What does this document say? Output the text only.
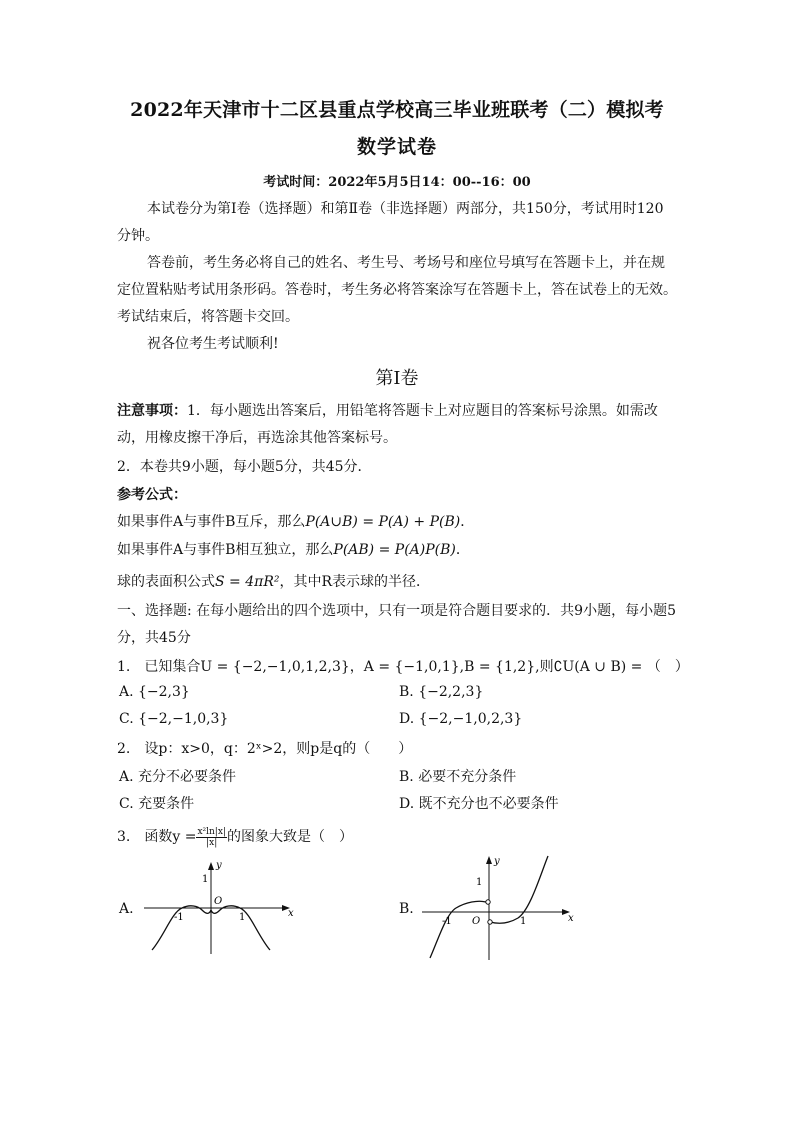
2022年天津市十二区县重点学校高三毕业班联考（二）模拟考
数学试卷
考试时间：2022年5月5日14：00--16：00
本试卷分为第Ⅰ卷（选择题）和第Ⅱ卷（非选择题）两部分，共150分，考试用时120分钟。
答卷前，考生务必将自己的姓名、考生号、考场号和座位号填写在答题卡上，并在规定位置粘贴考试用条形码。答卷时，考生务必将答案涂写在答题卡上，答在试卷上的无效。考试结束后，将答题卡交回。
祝各位考生考试顺利!
第Ⅰ卷
注意事项：1．每小题选出答案后，用铅笔将答题卡上对应题目的答案标号涂黑。如需改动，用橡皮擦干净后，再选涂其他答案标号。
2．本卷共9小题，每小题5分，共45分．
参考公式：
如果事件A与事件B互斥，那么P(A∪B) = P(A) + P(B)．
如果事件A与事件B相互独立，那么P(AB) = P(A)P(B)．
球的表面积公式S = 4πR²，其中R表示球的半径．
一、选择题: 在每小题给出的四个选项中，只有一项是符合题目要求的．共9小题，每小题5分，共45分
1.　已知集合U = {−2,−1,0,1,2,3}，A = {−1,0,1},B = {1,2},则∁U(A ∪ B) = （　）
A. {−2,3}	B. {−2,2,3}
C. {−2,−1,0,3}	D. {−2,−1,0,2,3}
2.　设p：x>0，q：2ˣ>2，则p是q的（　　）
A. 充分不必要条件	B. 必要不充分条件
C. 充要条件	D. 既不充分也不必要条件
3.　函数$y = \frac{\text{x²ln|x|}}{|x|}$ 的图象大致是（　）
A.	x
y
O
1
-1	1
B.
x
y
O
1
-1	1
